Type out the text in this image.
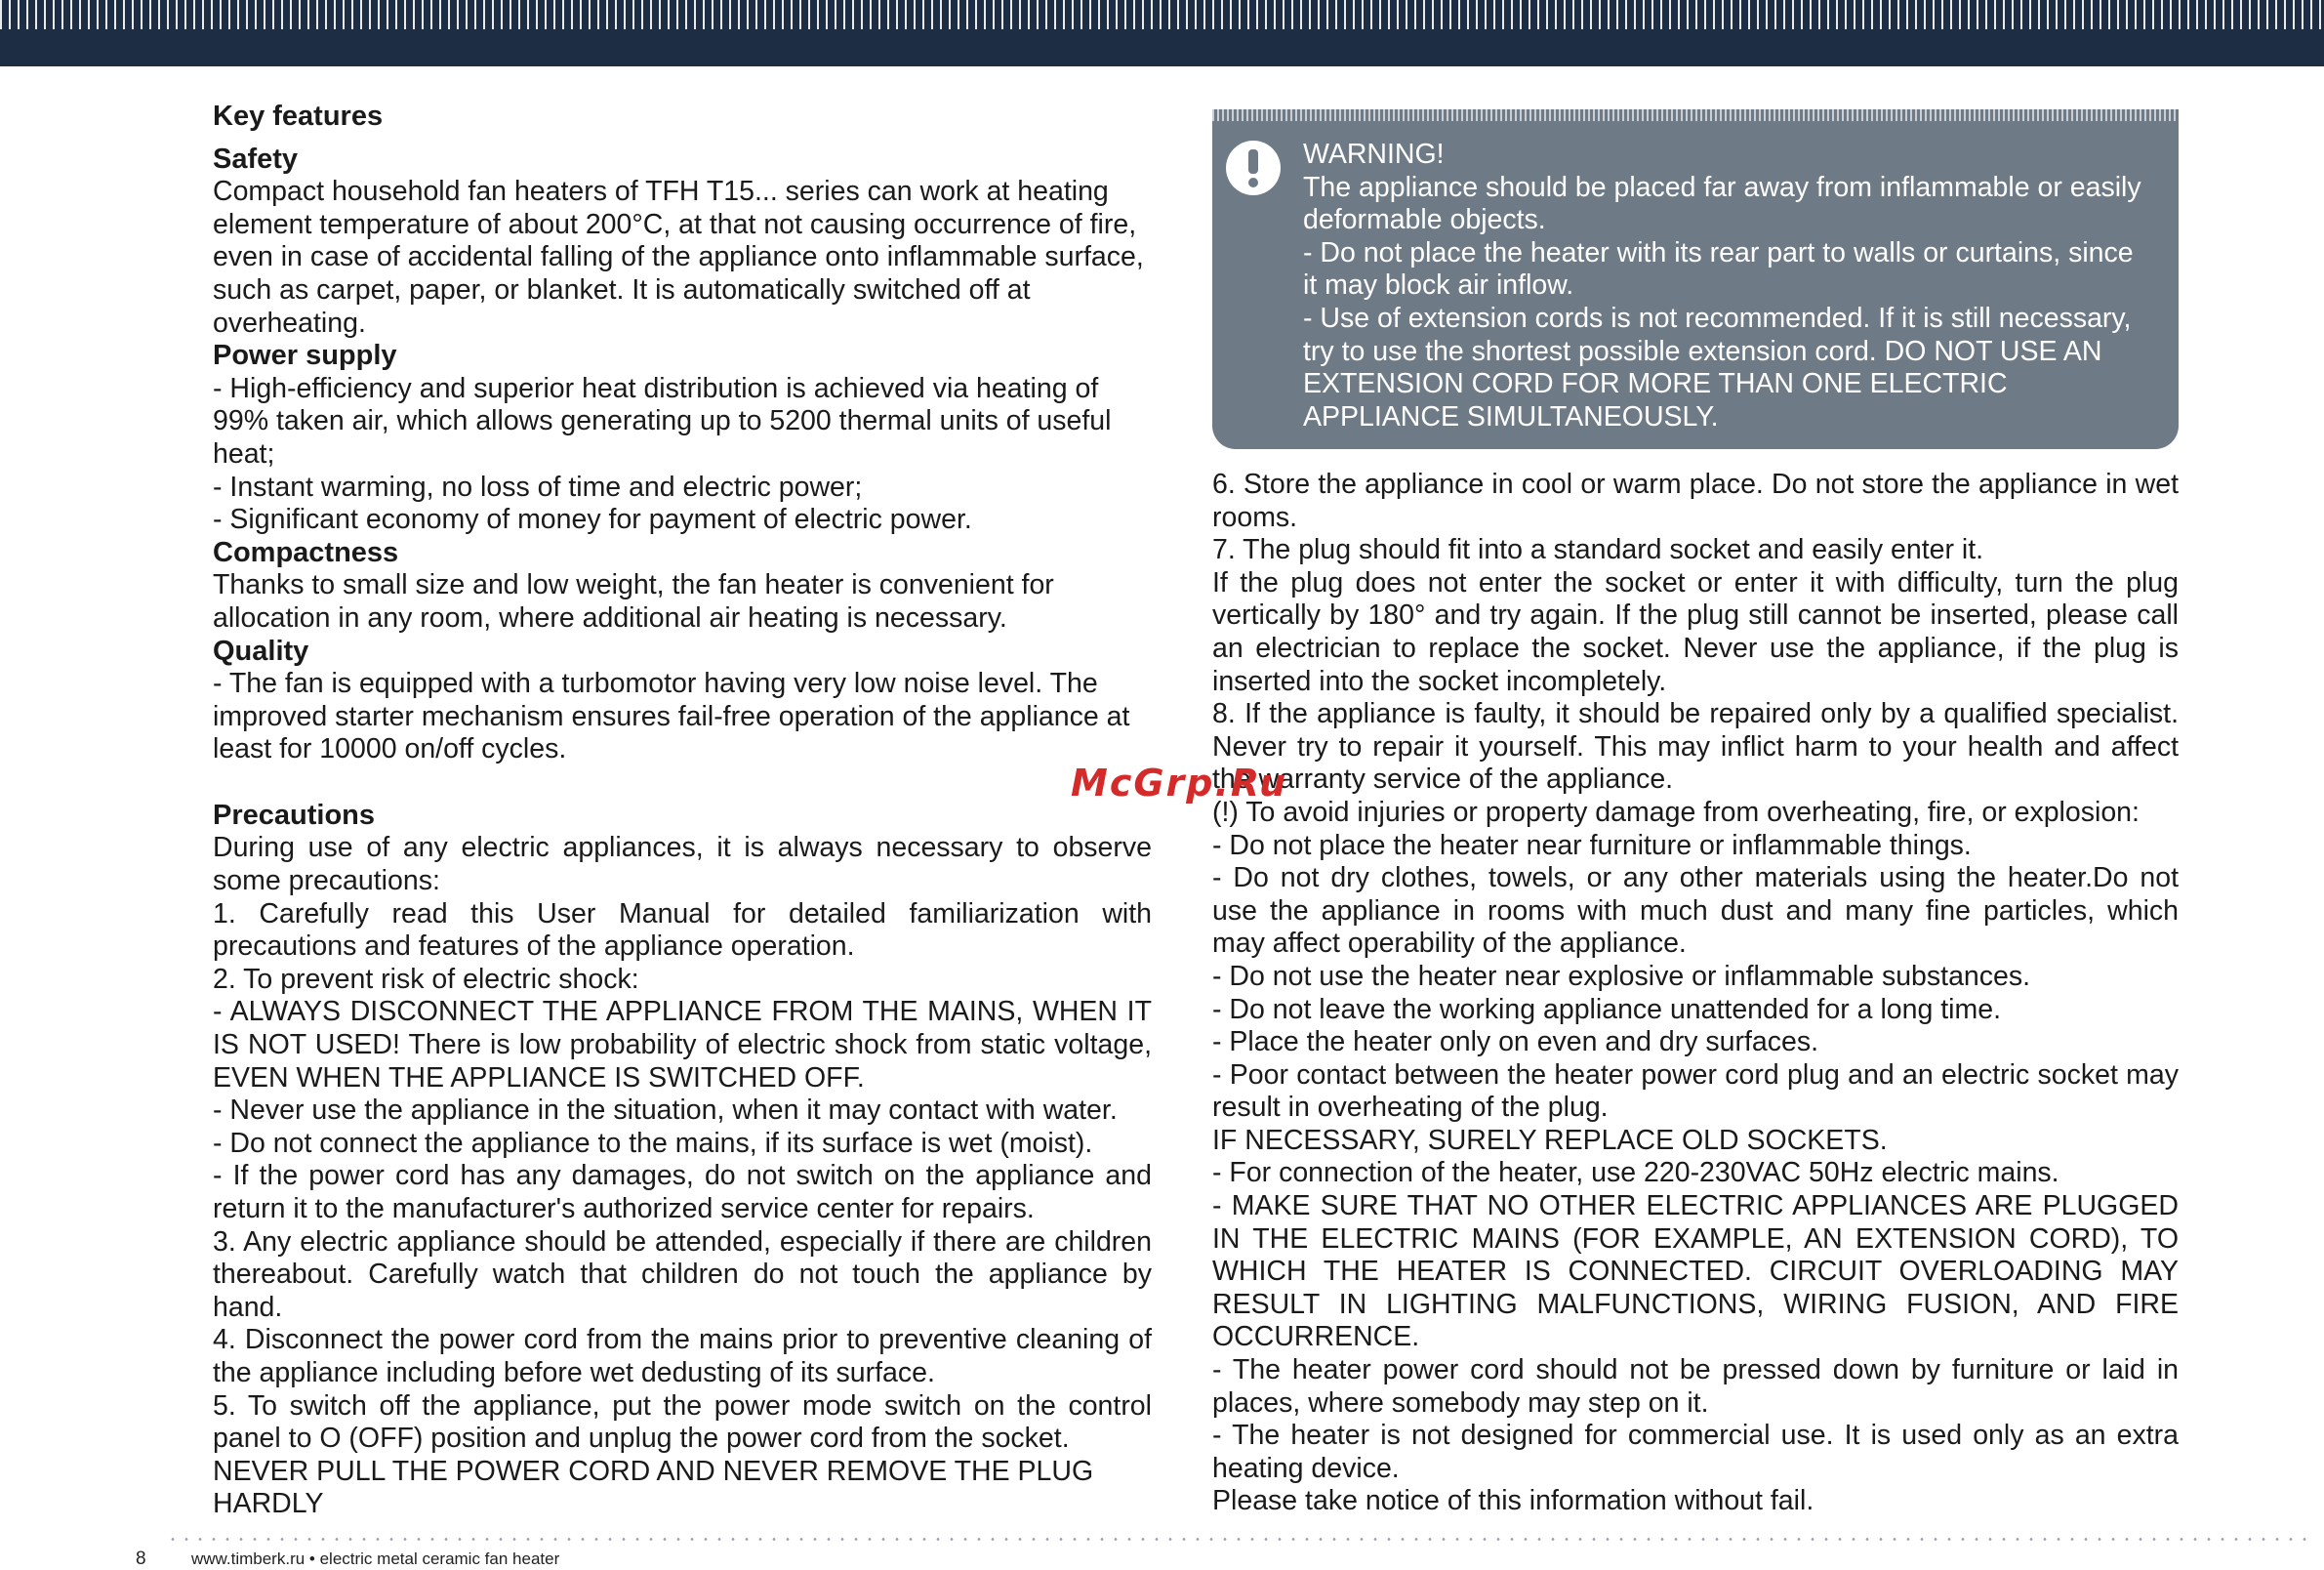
Key features

Safety

Compact household fan heaters of TFH T15... series can work at heating element temperature of about 200°C, at that not causing occurrence of fire, even in case of accidental falling of the appliance onto inflammable surface, such as carpet, paper, or blanket. It is automatically switched off at overheating.

Power supply

- High-efficiency and superior heat distribution is achieved via heating of 99% taken air, which allows generating up to 5200 thermal units of useful heat;

- Instant warming, no loss of time and electric power;

- Significant economy of money for payment of electric power.

Compactness

Thanks to small size and low weight, the fan heater is convenient for allocation in any room, where additional air heating is necessary.

Quality

- The fan is equipped with a turbomotor having very low noise level. The improved starter mechanism ensures fail-free operation of the appliance at least for 10000 on/off cycles.

Precautions

During use of any electric appliances, it is always necessary to observe some precautions:

1. Carefully read this User Manual for detailed familiarization with precautions and features of the appliance operation.

2. To prevent risk of electric shock:

- ALWAYS DISCONNECT THE APPLIANCE FROM THE MAINS, WHEN IT IS NOT USED! There is low probability of electric shock from static voltage, EVEN WHEN THE APPLIANCE IS SWITCHED OFF.

- Never use the appliance in the situation, when it may contact with water.

- Do not connect the appliance to the mains, if its surface is wet (moist).

- If the power cord has any damages, do not switch on the appliance and return it to the manufacturer's authorized service center for repairs.

3. Any electric appliance should be attended, especially if there are children thereabout. Carefully watch that children do not touch the appliance by hand.

4. Disconnect the power cord from the mains prior to preventive cleaning of the appliance including before wet dedusting of its surface.

5. To switch off the appliance, put the power mode switch on the control panel to O (OFF) position and unplug the power cord from the socket.

NEVER PULL THE POWER CORD AND NEVER REMOVE THE PLUG HARDLY

WARNING!

The appliance should be placed far away from inflammable or easily deformable objects.

- Do not place the heater with its rear part to walls or curtains, since it may block air inflow.

- Use of extension cords is not recommended. If it is still necessary, try to use the shortest possible extension cord. DO NOT USE AN EXTENSION CORD FOR MORE THAN ONE ELECTRIC APPLIANCE SIMULTANEOUSLY.

6. Store the appliance in cool or warm place. Do not store the appliance in wet rooms.

7. The plug should fit into a standard socket and easily enter it.

If the plug does not enter the socket or enter it with difficulty, turn the plug vertically by 180° and try again. If the plug still cannot be inserted, please call an electrician to replace the socket. Never use the appliance, if the plug is inserted into the socket incompletely.

8. If the appliance is faulty, it should be repaired only by a qualified specialist. Never try to repair it yourself. This may inflict harm to your health and affect the warranty service of the appliance.

(!) To avoid injuries or property damage from overheating, fire, or explosion:

- Do not place the heater near furniture or inflammable things.

- Do not dry clothes, towels, or any other materials using the heater.Do not use the appliance in rooms with much dust and many fine particles, which may affect operability of the appliance.

- Do not use the heater near explosive or inflammable substances.

- Do not leave the working appliance unattended for a long time.

- Place the heater only on even and dry surfaces.

- Poor contact between the heater power cord plug and an electric socket may result in overheating of the plug.

IF NECESSARY, SURELY REPLACE OLD SOCKETS.

- For connection of the heater, use 220-230VAC 50Hz electric mains.

- MAKE SURE THAT NO OTHER ELECTRIC APPLIANCES ARE PLUGGED IN THE ELECTRIC MAINS (FOR EXAMPLE, AN EXTENSION CORD), TO WHICH THE HEATER IS CONNECTED. CIRCUIT OVERLOADING MAY RESULT IN LIGHTING MALFUNCTIONS, WIRING FUSION, AND FIRE OCCURRENCE.

- The heater power cord should not be pressed down by furniture or laid in places, where somebody may step on it.

- The heater is not designed for commercial use. It is used only as an extra heating device.

Please take notice of this information without fail.

McGrp.Ru
8	www.timberk.ru • electric metal ceramic fan heater
